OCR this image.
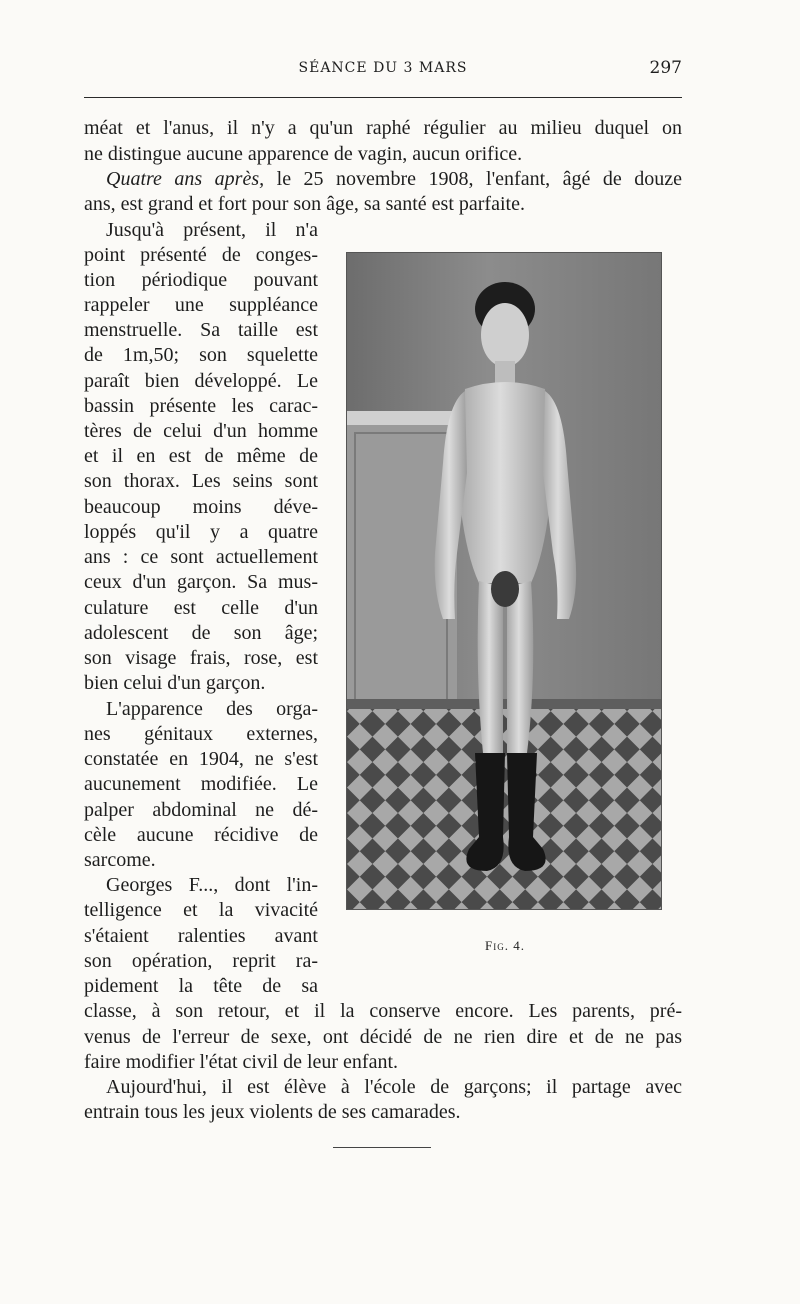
SÉANCE DU 3 MARS	297
méat et l'anus, il n'y a qu'un raphé régulier au milieu duquel on
ne distingue aucune apparence de vagin, aucun orifice.
Quatre ans après, le 25 novembre 1908, l'enfant, âgé de douze
ans, est grand et fort pour son âge, sa santé est parfaite.
Jusqu'à présent, il n'a
point présenté de conges-
tion périodique pouvant
rappeler une suppléance
menstruelle. Sa taille est
de 1m,50; son squelette
paraît bien développé. Le
bassin présente les carac-
tères de celui d'un homme
et il en est de même de
son thorax. Les seins sont
beaucoup moins déve-
loppés qu'il y a quatre
ans : ce sont actuellement
ceux d'un garçon. Sa mus-
culature est celle d'un
adolescent de son âge;
son visage frais, rose, est
bien celui d'un garçon.
L'apparence des orga-
nes génitaux externes,
constatée en 1904, ne s'est
aucunement modifiée. Le
palper abdominal ne dé-
cèle aucune récidive de
sarcome.
Georges F..., dont l'in-
telligence et la vivacité
s'étaient ralenties avant
son opération, reprit ra-
pidement la tête de sa
classe, à son retour, et il la conserve encore. Les parents, pré-
venus de l'erreur de sexe, ont décidé de ne rien dire et de ne pas
faire modifier l'état civil de leur enfant.
Aujourd'hui, il est élève à l'école de garçons; il partage avec
entrain tous les jeux violents de ses camarades.
Fig. 4.
